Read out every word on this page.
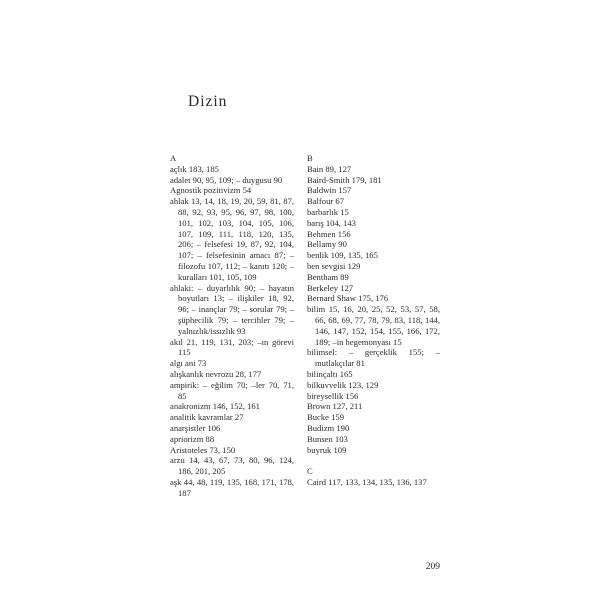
Dizin

A

açlık 183, 185

adalet 90, 95, 109; – duygusu 90

Agnostik pozitivizm 54

ahlak 13, 14, 18, 19, 20, 59, 81, 87, 88, 92, 93, 95, 96, 97, 98, 100, 101, 102, 103, 104, 105, 106, 107, 109, 111, 118, 120, 135, 206; – felsefesi 19, 87, 92, 104, 107; – felsefesinin amacı 87; – filozofu 107, 112; – kanıtı 120; – kuralları 101, 105, 109

ahlaki: – duyarlılık 90; – hayatın boyutları 13; – ilişkiler 18, 92, 96; – inançlar 79; – sorular 79; –şüphecilik 79; – tercihler 79; – yalnızlık/issızlık 93

akıl 21, 119, 131, 203; –ın görevi 115

algı ani 73

alışkanlık nevrozu 28, 177

ampirik: – eğilim 70; –ler 70, 71, 85

anakronizm 146, 152, 161

analitik kavramlar 27

anarşistler 106

apriorizm 88

Aristoteles 73, 150

arzu 14, 43, 67, 73, 80, 96, 124, 186, 201, 205

aşk 44, 48, 119, 135, 168, 171, 178, 187

B

Bain 89, 127

Baird-Smith 179, 181

Baldwin 157

Balfour 67

barbarlık 15

barış 104, 143

Behmen 156

Bellamy 90

benlik 109, 135, 165

ben sevgisi 129

Bentham 89

Berkeley 127

Bernard Shaw 175, 176

bilim 15, 16, 20, 25, 52, 53, 57, 58, 66, 68, 69, 77, 78, 79, 83, 118, 144, 146, 147, 152, 154, 155, 166, 172, 189; –in hegemonyası 15

bilimsel: – gerçeklik 155; – mutlakçılar 81

bilinçaltı 165

bilkuvvelik 123, 129

bireysellik 156

Brown 127, 211

Bucke 159

Budizm 190

Bunsen 103

buyruk 109

C

Caird 117, 133, 134, 135, 136, 137

209
